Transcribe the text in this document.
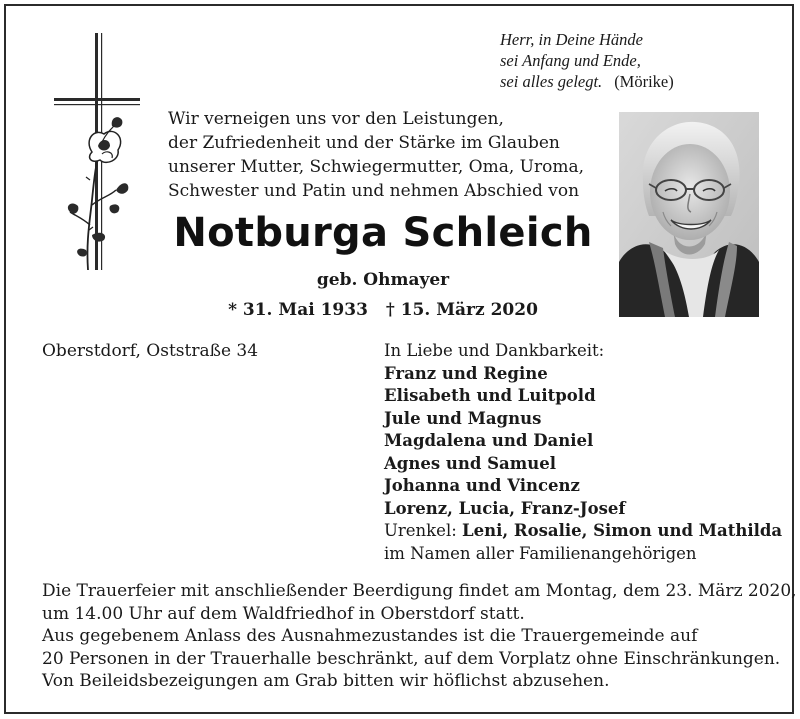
Herr, in Deine Hände
sei Anfang und Ende,
sei alles gelegt. (Mörike)
Wir verneigen uns vor den Leistungen,
der Zufriedenheit und der Stärke im Glauben
unserer Mutter, Schwiegermutter, Oma, Uroma,
Schwester und Patin und nehmen Abschied von
Notburga Schleich
geb. Ohmayer
* 31. Mai 1933 † 15. März 2020
Oberstdorf, Oststraße 34	In Liebe und Dankbarkeit:
Franz und Regine
Elisabeth und Luitpold
Jule und Magnus
Magdalena und Daniel
Agnes und Samuel
Johanna und Vincenz
Lorenz, Lucia, Franz-Josef
Urenkel: Leni, Rosalie, Simon und Mathilda
im Namen aller Familienangehörigen
Die Trauerfeier mit anschließender Beerdigung findet am Montag, dem 23. März 2020,
um 14.00 Uhr auf dem Waldfriedhof in Oberstdorf statt.
Aus gegebenem Anlass des Ausnahmezustandes ist die Trauergemeinde auf
20 Personen in der Trauerhalle beschränkt, auf dem Vorplatz ohne Einschränkungen.
Von Beileidsbezeigungen am Grab bitten wir höflichst abzusehen.
